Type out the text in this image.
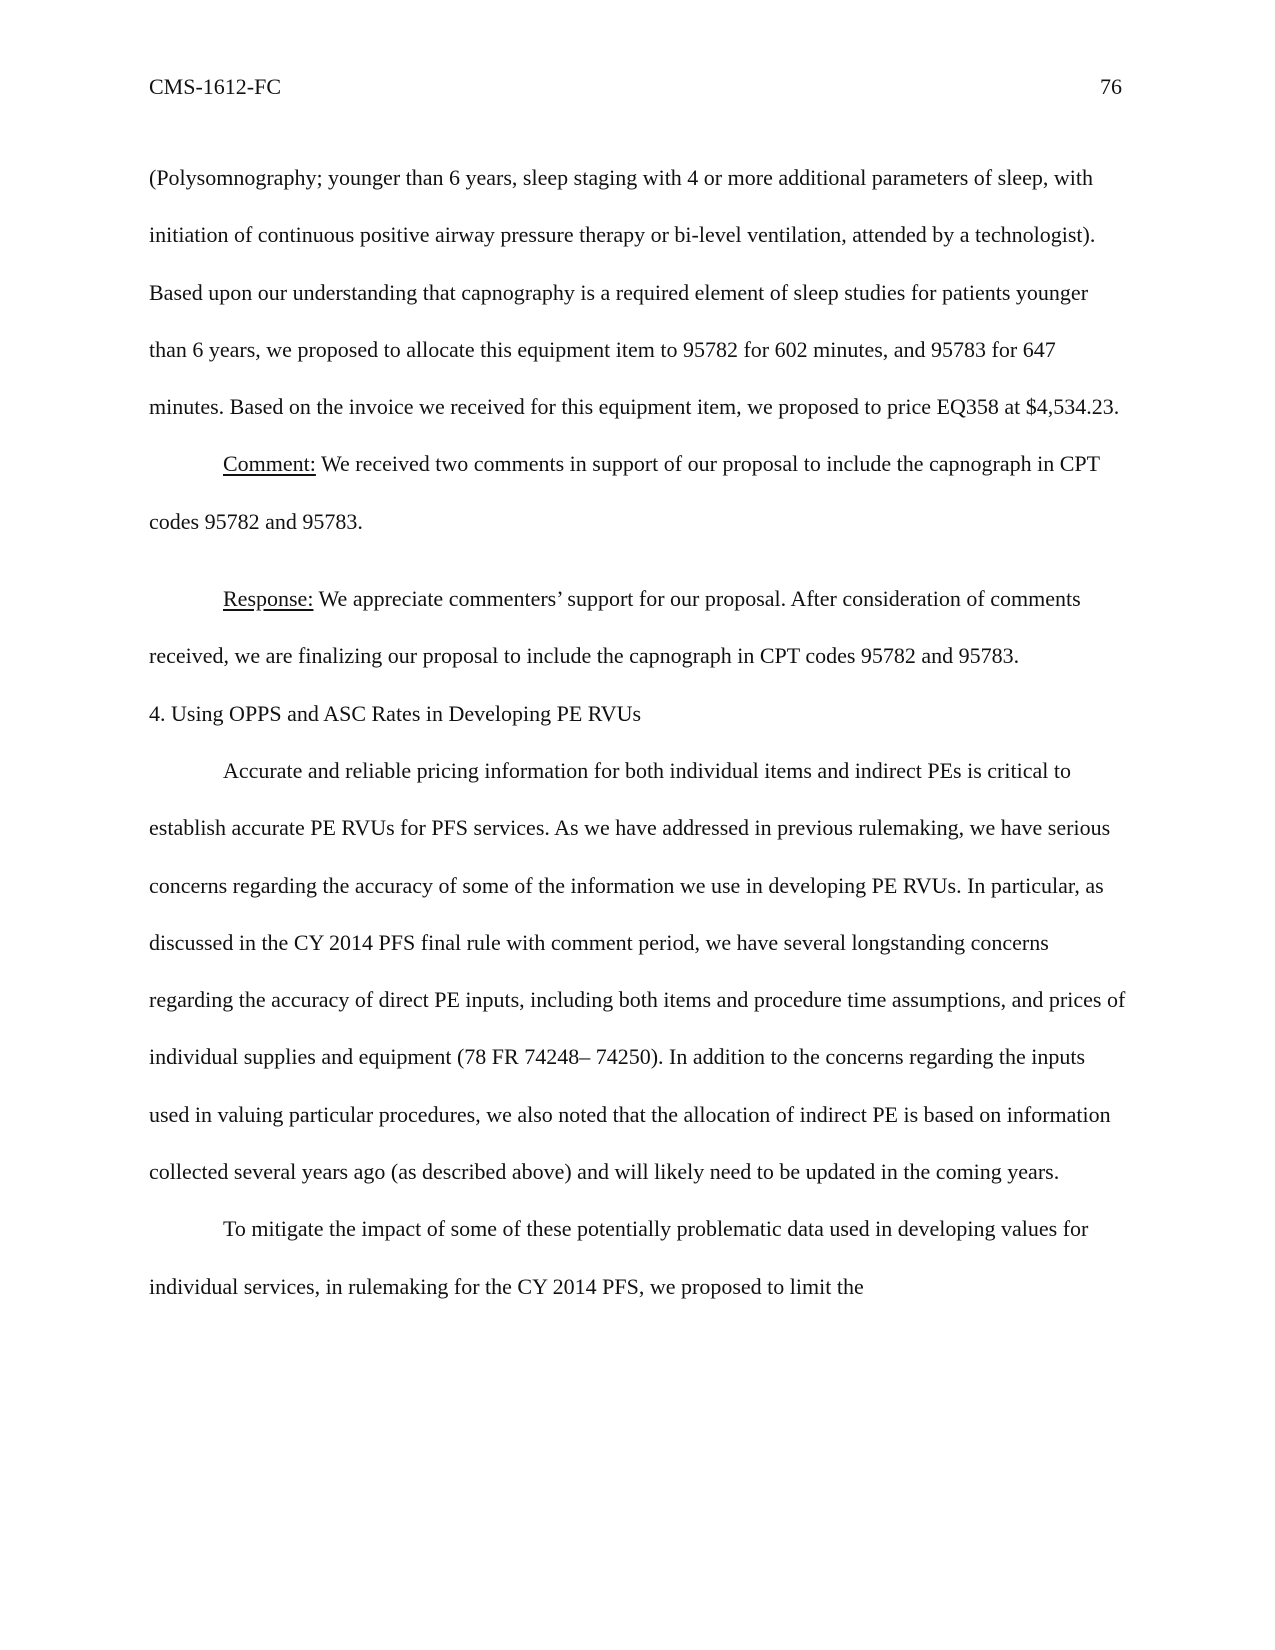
CMS-1612-FC	76

(Polysomnography; younger than 6 years, sleep staging with 4 or more additional parameters of sleep, with initiation of continuous positive airway pressure therapy or bi-level ventilation, attended by a technologist). Based upon our understanding that capnography is a required element of sleep studies for patients younger than 6 years, we proposed to allocate this equipment item to 95782 for 602 minutes, and 95783 for 647 minutes. Based on the invoice we received for this equipment item, we proposed to price EQ358 at $4,534.23.

Comment: We received two comments in support of our proposal to include the capnograph in CPT codes 95782 and 95783.

Response: We appreciate commenters’ support for our proposal. After consideration of comments received, we are finalizing our proposal to include the capnograph in CPT codes 95782 and 95783.

4. Using OPPS and ASC Rates in Developing PE RVUs

Accurate and reliable pricing information for both individual items and indirect PEs is critical to establish accurate PE RVUs for PFS services. As we have addressed in previous rulemaking, we have serious concerns regarding the accuracy of some of the information we use in developing PE RVUs. In particular, as discussed in the CY 2014 PFS final rule with comment period, we have several longstanding concerns regarding the accuracy of direct PE inputs, including both items and procedure time assumptions, and prices of individual supplies and equipment (78 FR 74248– 74250). In addition to the concerns regarding the inputs used in valuing particular procedures, we also noted that the allocation of indirect PE is based on information collected several years ago (as described above) and will likely need to be updated in the coming years.

To mitigate the impact of some of these potentially problematic data used in developing values for individual services, in rulemaking for the CY 2014 PFS, we proposed to limit the
